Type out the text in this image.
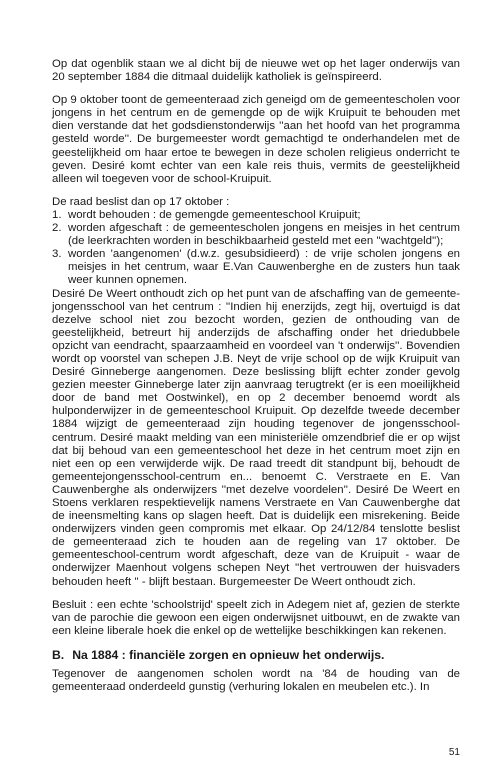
Op dat ogenblik staan we al dicht bij de nieuwe wet op het lager onderwijs van 20 september 1884 die ditmaal duidelijk katholiek is geïnspireerd.

Op 9 oktober toont de gemeenteraad zich geneigd om de gemeentescholen voor jongens in het centrum en de gemengde op de wijk Kruipuit te behouden met dien verstande dat het godsdienstonderwijs ''aan het hoofd van het programma gesteld worde''. De burgemeester wordt gemachtigd te onderhandelen met de geestelijkheid om haar ertoe te bewegen in deze scholen religieus onderricht te geven. Desiré komt echter van een kale reis thuis, vermits de geestelijkheid alleen wil toegeven voor de school-Kruipuit.

De raad beslist dan op 17 oktober :

1. wordt behouden : de gemengde gemeenteschool Kruipuit;
2. worden afgeschaft : de gemeentescholen jongens en meisjes in het centrum (de leerkrachten worden in beschikbaarheid gesteld met een ''wachtgeld'');
3. worden 'aangenomen' (d.w.z. gesubsidieerd) : de vrije scholen jongens en meisjes in het centrum, waar E.Van Cauwenberghe en de zusters hun taak weer kunnen opnemen.

Desiré De Weert onthoudt zich op het punt van de afschaffing van de gemeente-jongensschool van het centrum : ''Indien hij enerzijds, zegt hij, overtuigd is dat dezelve school niet zou bezocht worden, gezien de onthouding van de geestelijkheid, betreurt hij anderzijds de afschaffing onder het driedubbele opzicht van eendracht, spaarzaamheid en voordeel van 't onderwijs''. Bovendien wordt op voorstel van schepen J.B. Neyt de vrije school op de wijk Kruipuit van Desiré Ginneberge aangenomen. Deze beslissing blijft echter zonder gevolg gezien meester Ginneberge later zijn aanvraag terugtrekt (er is een moeilijkheid door de band met Oostwinkel), en op 2 december benoemd wordt als hulponderwijzer in de gemeenteschool Kruipuit. Op dezelfde tweede december 1884 wijzigt de gemeenteraad zijn houding tegenover de jongensschool-centrum. Desiré maakt melding van een ministeriële omzendbrief die er op wijst dat bij behoud van een gemeenteschool het deze in het centrum moet zijn en niet een op een verwijderde wijk. De raad treedt dit standpunt bij, behoudt de gemeentejongensschool-centrum en... benoemt C. Verstraete en E. Van Cauwenberghe als onderwijzers ''met dezelve voordelen''. Desiré De Weert en Stoens verklaren respektievelijk namens Verstraete en Van Cauwenberghe dat de ineensmelting kans op slagen heeft. Dat is duidelijk een misrekening. Beide onderwijzers vinden geen compromis met elkaar. Op 24/12/84 tenslotte beslist de gemeenteraad zich te houden aan de regeling van 17 oktober. De gemeenteschool-centrum wordt afgeschaft, deze van de Kruipuit - waar de onderwijzer Maenhout volgens schepen Neyt ''het vertrouwen der huisvaders behouden heeft '' - blijft bestaan. Burgemeester De Weert onthoudt zich.

Besluit : een echte 'schoolstrijd' speelt zich in Adegem niet af, gezien de sterkte van de parochie die gewoon een eigen onderwijsnet uitbouwt, en de zwakte van een kleine liberale hoek die enkel op de wettelijke beschikkingen kan rekenen.

B. Na 1884 : financiële zorgen en opnieuw het onderwijs.

Tegenover de aangenomen scholen wordt na '84 de houding van de gemeenteraad onderdeeld gunstig (verhuring lokalen en meubelen etc.). In

51
